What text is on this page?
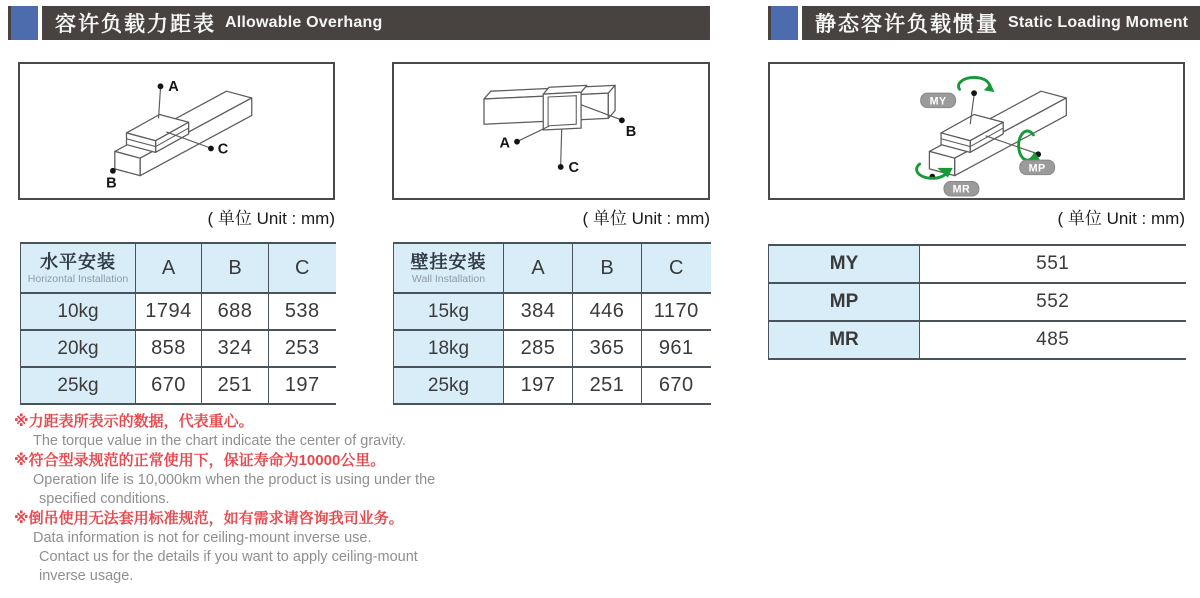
容许负载力距表 Allowable Overhang	静态容许负载惯量 Static Loading Moment
A
C
B
B
A
C
MY
MP
MR
( 单位 Unit : mm)	( 单位 Unit : mm)	( 单位 Unit : mm)
水平安装
Horizontal Installation	A	B	C
10kg	1794	688	538
20kg	858	324	253
25kg	670	251	197
壁挂安装
Wall Installation	A	B	C
15kg	384	446	1170
18kg	285	365	961
25kg	197	251	670
MY	551
MP	552
MR	485
※力距表所表示的数据，代表重心。
The torque value in the chart indicate the center of gravity.
※符合型录规范的正常使用下，保证寿命为10000公里。
Operation life is 10,000km when the product is using under the
specified conditions.
※倒吊使用无法套用标准规范，如有需求请咨询我司业务。
Data information is not for ceiling-mount inverse use.
Contact us for the details if you want to apply ceiling-mount
inverse usage.
